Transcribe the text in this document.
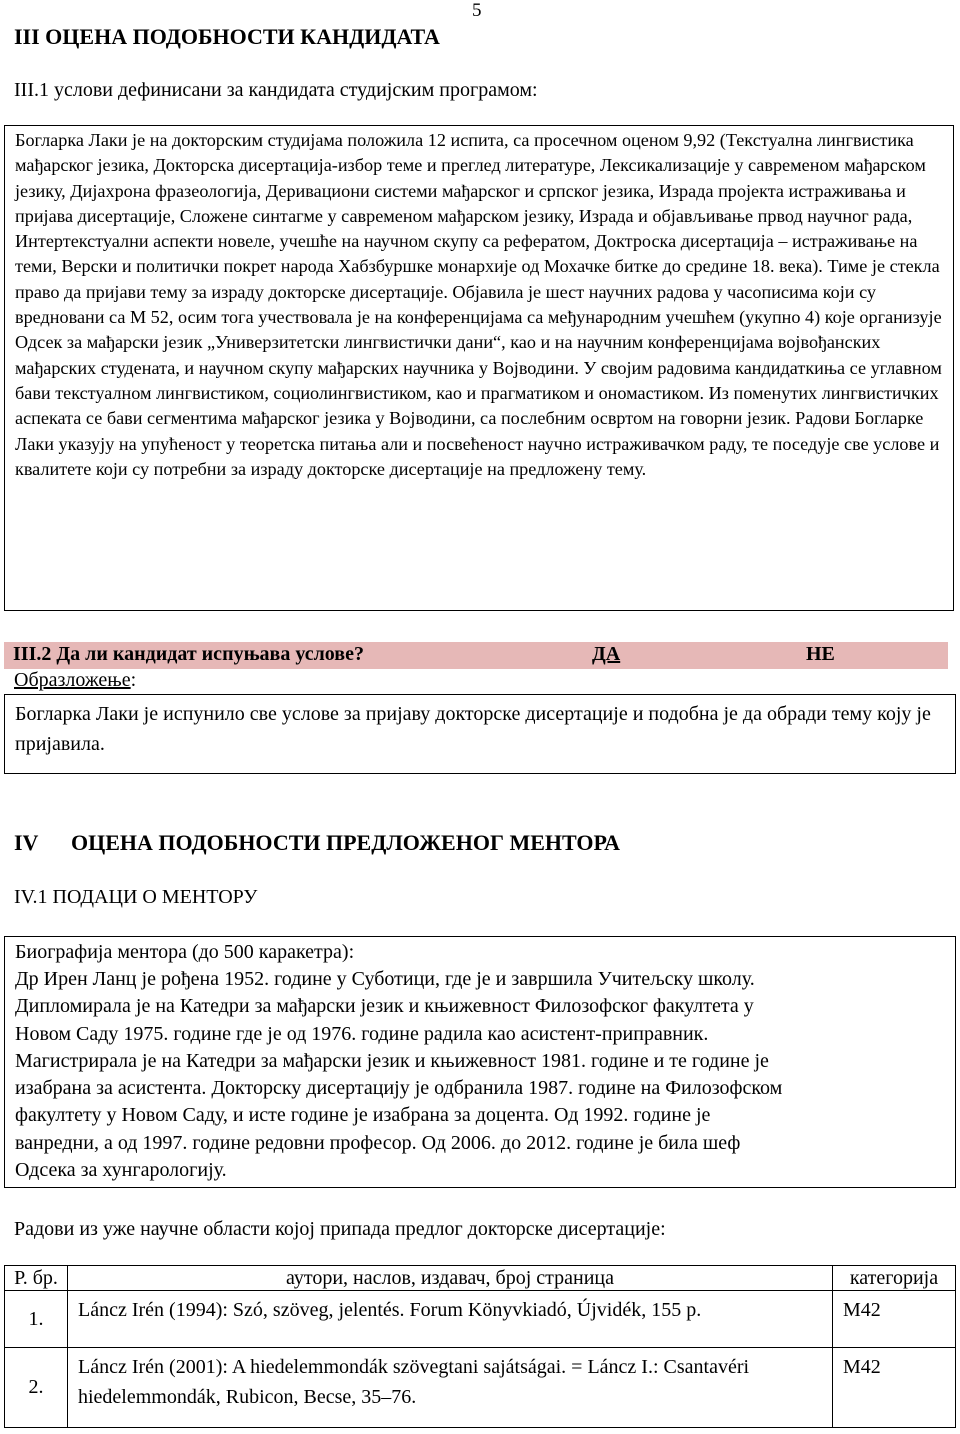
5
III ОЦЕНА ПОДОБНОСТИ КАНДИДАТА
III.1 услови дефинисани за кандидата студијским програмом:

Богларка Лаки је на докторским студијама положила 12 испита, са просечном оценом 9,92 (Текстуална лингвистика мађарског језика, Докторска дисертација-избор теме и преглед литературе, Лексикализације у савременом мађарском језику, Дијахрона фразеологија, Деривациони системи мађарског и српског језика, Израда пројекта истраживања и пријава дисертације, Сложене синтагме у савременом мађарском језику, Израда и објављивање првод научног рада, Интертекстуални аспекти новеле, учешће на научном скупу са рефератом, Доктроска дисертација – истраживање на теми, Верски и политички покрет народа Хабзбуршке монархије од Мохачке битке до средине 18. века). Тиме је стекла право да пријави тему за израду докторске дисертације. Објавила је шест научних радова у часописима који су вредновани са М 52, осим тога учествовала је на конференцијама са међународним учешћем (укупно 4) које организује Одсек за мађарски језик „Универзитетски лингвистички дани“, као и на научним конференцијама војвођанских мађарских студената, и научном скупу мађарских научника у Војводини. У својим радовима кандидаткиња се углавном бави текстуалном лингвистиком, социолингвистиком, као и прагматиком и ономастиком. Из поменутих лингвистичких аспеката се бави сегментима мађарског језика у Војводини, са послебним освртом на говорни језик. Радови Богларке Лаки указују на упућеност у теоретска питања али и посвећеност научно истраживачком раду, те поседује све услове и квалитете који су потребни за израду докторске дисертације на предложену тему.

III.2 Да ли кандидат испуњава услове?	ДА	НЕ
Образложење:

Богларка Лаки је испунило све услове за пријаву докторске дисертације и подобна је да обради тему коју је пријавила.

IV ОЦЕНА ПОДОБНОСТИ ПРЕДЛОЖЕНОГ МЕНТОРА
IV.1 ПОДАЦИ О МЕНТОРУ
Биографија ментора (до 500 каракетра):

Др Ирен Ланц је рођена 1952. године у Суботици, где је и завршила Учитељску школу.

Дипломирала је на Катедри за мађарски језик и књижевност Филозофског факултета у

Новом Саду 1975. године где је од 1976. године радила као асистент-приправник.

Магистрирала је на Катедри за мађарски језик и књижевност 1981. године и те године је

изабрана за асистента. Докторску дисертацију је одбранила 1987. године на Филозофском

факултету у Новом Саду, и исте године је изабрана за доцента. Од 1992. године је

ванредни, а од 1997. године редовни професор. Од 2006. до 2012. године је била шеф

Одсека за хунгарологију.

Радови из уже научне области којој припада предлог докторске дисертације:
Р. бр.	аутори, наслов, издавач, број страница	категорија
1.	Láncz Irén (1994): Szó, szöveg, jelentés. Forum Könyvkiadó, Újvidék, 155 p.	M42
2.	Láncz Irén (2001): A hiedelemmondák szövegtani sajátságai. = Láncz I.: Csantavéri hiedelemmondák, Rubicon, Becse, 35–76.	M42
